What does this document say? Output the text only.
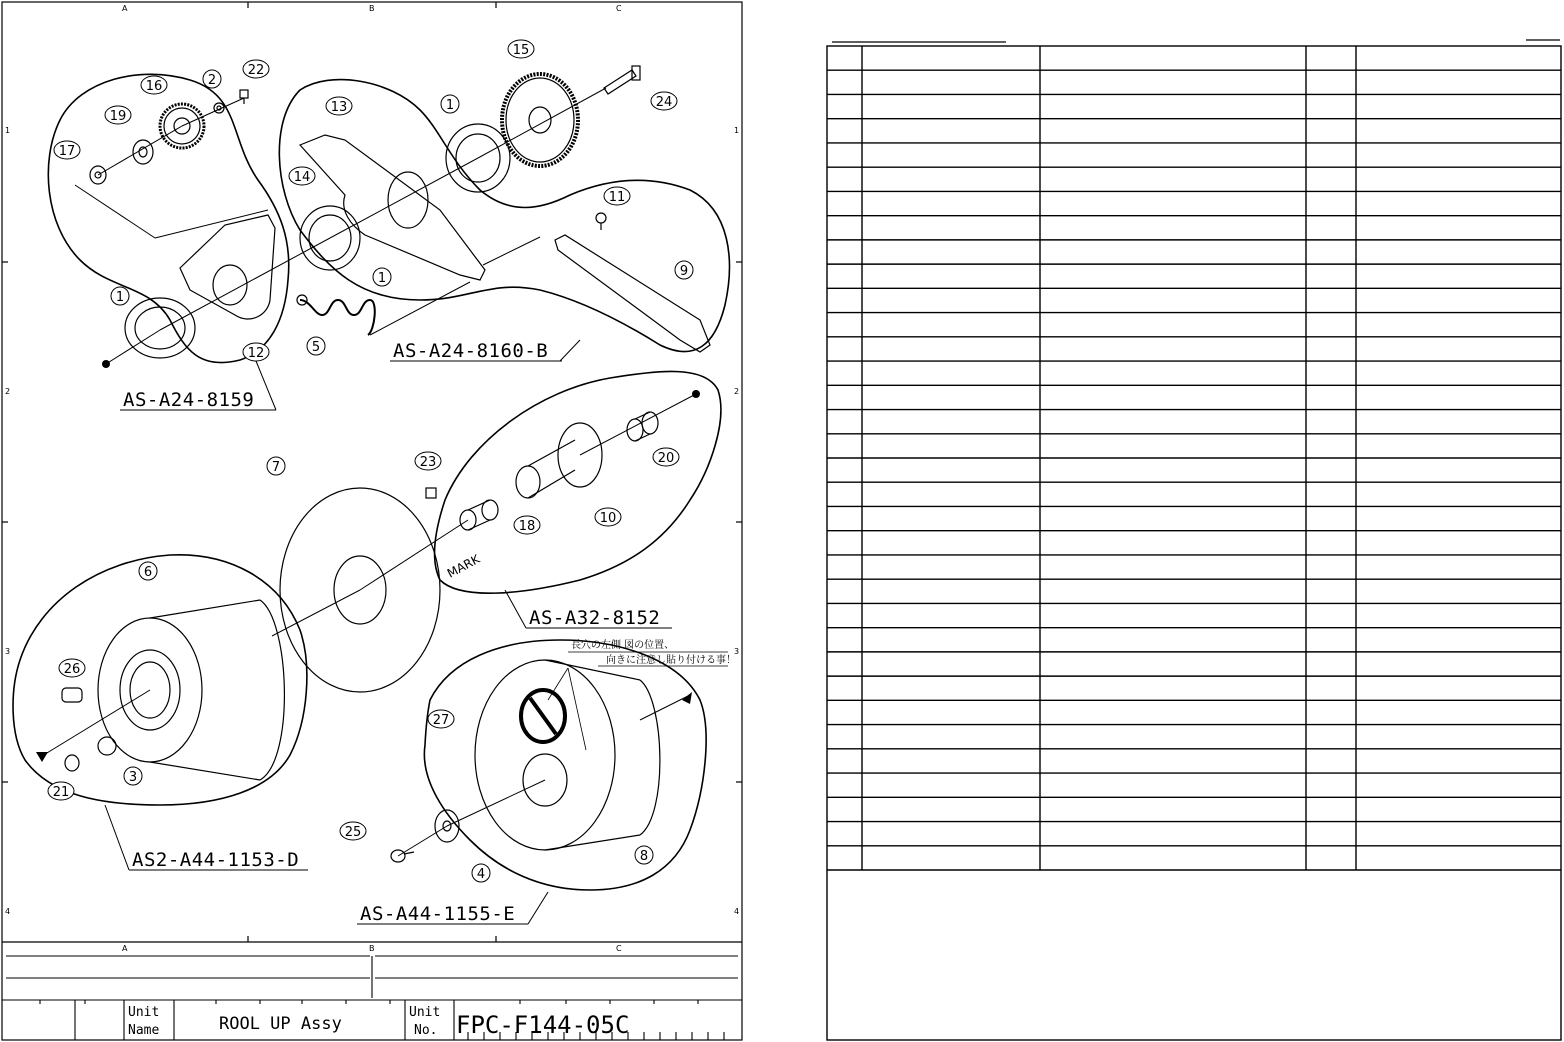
A	B	C
A	B	C
1
2
3
4
1
2
3
4
Unit
Name	ROOL UP Assy
Unit
No. FPC-F144-05C
2
22
16
19
17
1
12
13	1
15
24
14
1
5
11
9
7	23	20
10
18
6
26
3
21
27
25
4
8
AS-A24-8159
AS-A24-8160-B
AS-A32-8152
AS2-A44-1153-D
AS-A44-1155-E
MARK
長穴の左側 図の位置、
向きに注意し貼り付ける事！
